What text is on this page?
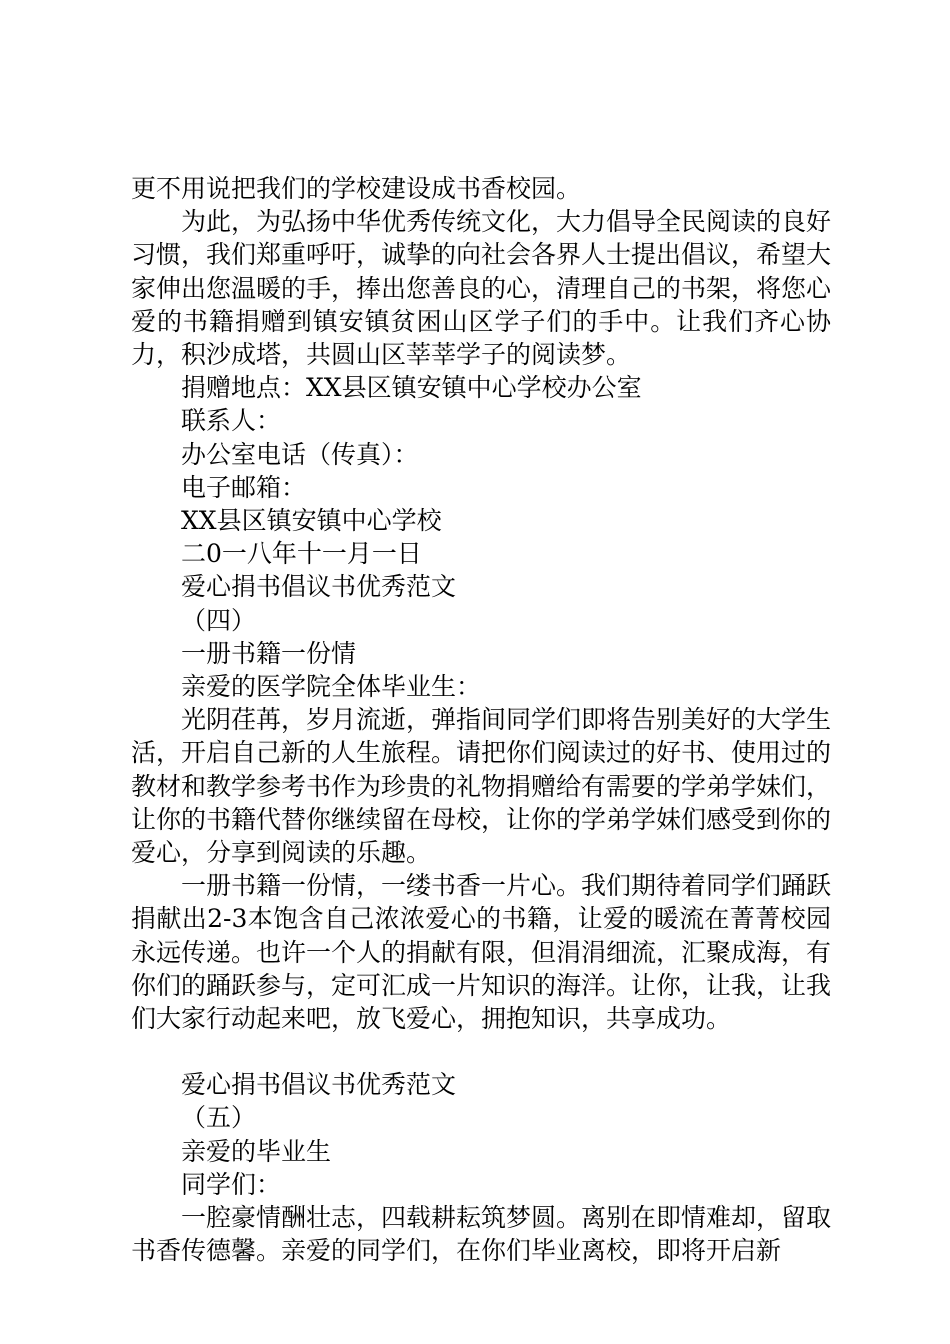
更不用说把我们的学校建设成书香校园。

为此，为弘扬中华优秀传统文化，大力倡导全民阅读的良好习惯，我们郑重呼吁，诚挚的向社会各界人士提出倡议，希望大家伸出您温暖的手，捧出您善良的心，清理自己的书架，将您心爱的书籍捐赠到镇安镇贫困山区学子们的手中。让我们齐心协力，积沙成塔，共圆山区莘莘学子的阅读梦。

捐赠地点：XX县区镇安镇中心学校办公室

联系人：

办公室电话（传真）：

电子邮箱：

XX县区镇安镇中心学校

二0一八年十一月一日

爱心捐书倡议书优秀范文

（四）

一册书籍一份情

亲爱的医学院全体毕业生：

光阴荏苒，岁月流逝，弹指间同学们即将告别美好的大学生活，开启自己新的人生旅程。请把你们阅读过的好书、使用过的教材和教学参考书作为珍贵的礼物捐赠给有需要的学弟学妹们，让你的书籍代替你继续留在母校，让你的学弟学妹们感受到你的爱心，分享到阅读的乐趣。

一册书籍一份情，一缕书香一片心。我们期待着同学们踊跃捐献出2-3本饱含自己浓浓爱心的书籍，让爱的暖流在菁菁校园永远传递。也许一个人的捐献有限，但涓涓细流，汇聚成海，有你们的踊跃参与，定可汇成一片知识的海洋。让你，让我，让我们大家行动起来吧，放飞爱心，拥抱知识，共享成功。

爱心捐书倡议书优秀范文

（五）

亲爱的毕业生

同学们：

一腔豪情酬壮志，四载耕耘筑梦圆。离别在即情难却，留取书香传德馨。亲爱的同学们，在你们毕业离校，即将开启新
